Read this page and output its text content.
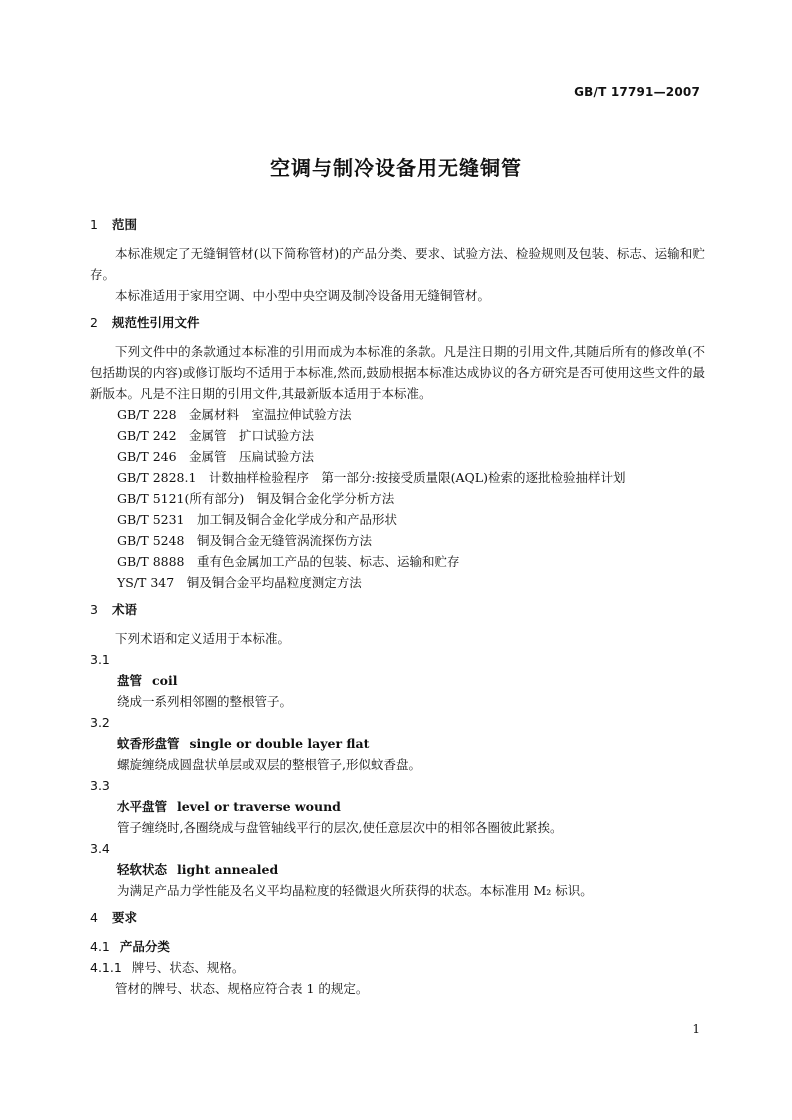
GB/T 17791—2007
空调与制冷设备用无缝铜管
1 范围

本标准规定了无缝铜管材(以下简称管材)的产品分类、要求、试验方法、检验规则及包装、标志、运输和贮存。

本标准适用于家用空调、中小型中央空调及制冷设备用无缝铜管材。

2 规范性引用文件

下列文件中的条款通过本标准的引用而成为本标准的条款。凡是注日期的引用文件,其随后所有的修改单(不包括勘误的内容)或修订版均不适用于本标准,然而,鼓励根据本标准达成协议的各方研究是否可使用这些文件的最新版本。凡是不注日期的引用文件,其最新版本适用于本标准。

GB/T 228　金属材料　室温拉伸试验方法

GB/T 242　金属管　扩口试验方法

GB/T 246　金属管　压扁试验方法

GB/T 2828.1　计数抽样检验程序　第一部分:按接受质量限(AQL)检索的逐批检验抽样计划

GB/T 5121(所有部分)　铜及铜合金化学分析方法

GB/T 5231　加工铜及铜合金化学成分和产品形状

GB/T 5248　铜及铜合金无缝管涡流探伤方法

GB/T 8888　重有色金属加工产品的包装、标志、运输和贮存

YS/T 347　铜及铜合金平均晶粒度测定方法

3 术语

下列术语和定义适用于本标准。

3.1

盘管 coil

绕成一系列相邻圈的整根管子。

3.2

蚊香形盘管 single or double layer flat

螺旋缠绕成圆盘状单层或双层的整根管子,形似蚊香盘。

3.3

水平盘管 level or traverse wound

管子缠绕时,各圈绕成与盘管轴线平行的层次,使任意层次中的相邻各圈彼此紧挨。

3.4

轻软状态 light annealed

为满足产品力学性能及名义平均晶粒度的轻微退火所获得的状态。本标准用 M₂ 标识。

4 要求

4.1 产品分类

4.1.1 牌号、状态、规格。

管材的牌号、状态、规格应符合表 1 的规定。

1
